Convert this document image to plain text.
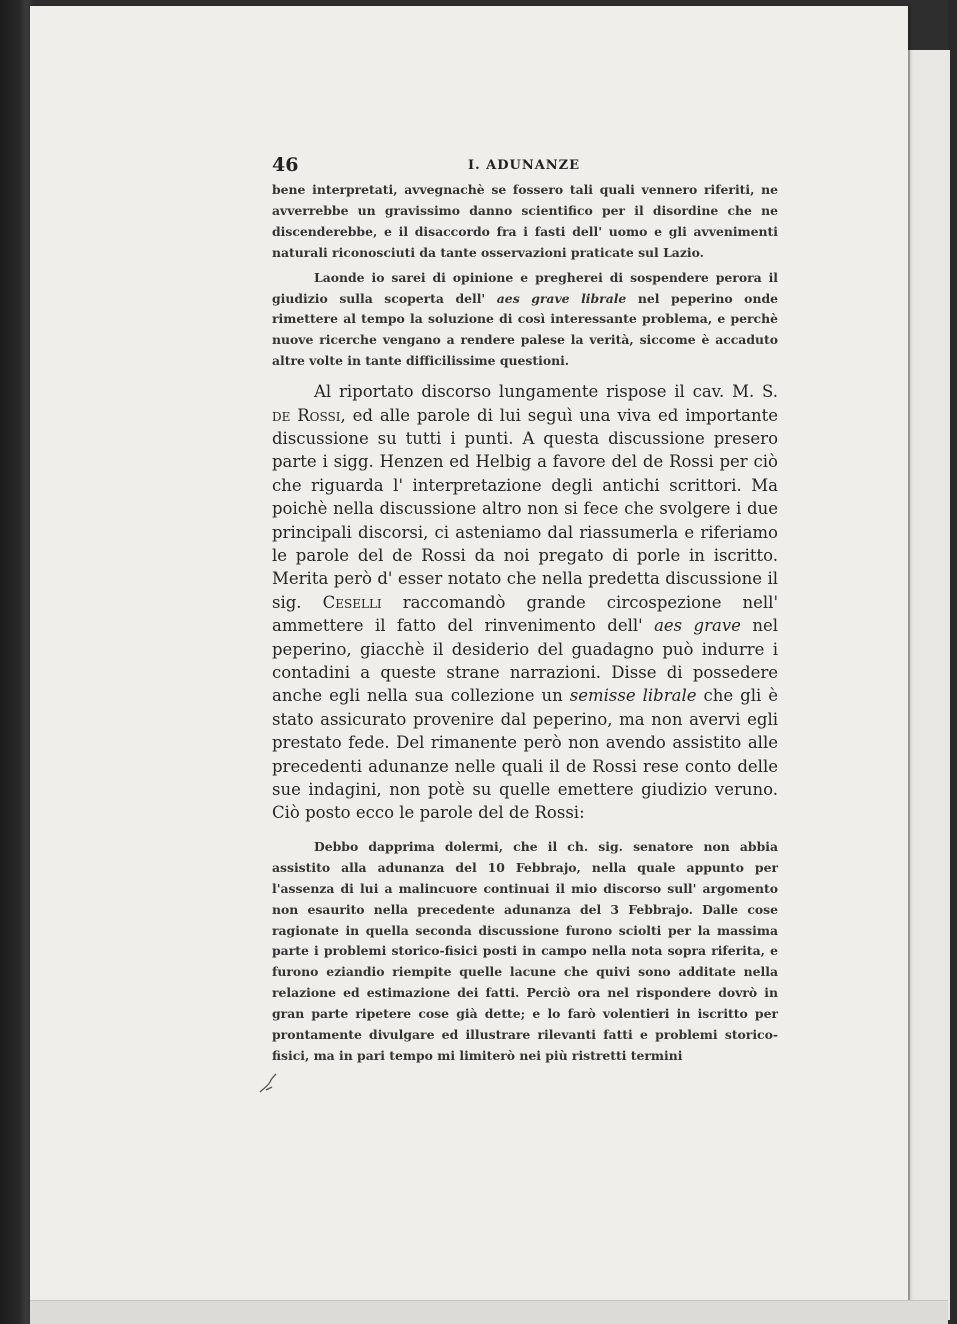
46	I. ADUNANZE

bene interpretati, avvegnachè se fossero tali quali vennero riferiti, ne avverrebbe un gravissimo danno scientifico per il disordine che ne discenderebbe, e il disaccordo fra i fasti dell' uomo e gli avvenimenti naturali riconosciuti da tante osservazioni praticate sul Lazio.

Laonde io sarei di opinione e pregherei di sospendere perora il giudizio sulla scoperta dell' aes grave librale nel peperino onde rimettere al tempo la soluzione di così interessante problema, e perchè nuove ricerche vengano a rendere palese la verità, siccome è accaduto altre volte in tante difficilissime questioni.

Al riportato discorso lungamente rispose il cav. M. S. de Rossi, ed alle parole di lui seguì una viva ed importante discussione su tutti i punti. A questa discussione presero parte i sigg. Henzen ed Helbig a favore del de Rossi per ciò che riguarda l' interpretazione degli antichi scrittori. Ma poichè nella discussione altro non si fece che svolgere i due principali discorsi, ci asteniamo dal riassumerla e riferiamo le parole del de Rossi da noi pregato di porle in iscritto. Merita però d' esser notato che nella predetta discussione il sig. Ceselli raccomandò grande circospezione nell' ammettere il fatto del rinvenimento dell' aes grave nel peperino, giacchè il desiderio del guadagno può indurre i contadini a queste strane narrazioni. Disse di possedere anche egli nella sua collezione un semisse librale che gli è stato assicurato provenire dal peperino, ma non avervi egli prestato fede. Del rimanente però non avendo assistito alle precedenti adunanze nelle quali il de Rossi rese conto delle sue indagini, non potè su quelle emettere giudizio veruno. Ciò posto ecco le parole del de Rossi:

Debbo dapprima dolermi, che il ch. sig. senatore non abbia assistito alla adunanza del 10 Febbrajo, nella quale appunto per l'assenza di lui a malincuore continuai il mio discorso sull' argomento non esaurito nella precedente adunanza del 3 Febbrajo. Dalle cose ragionate in quella seconda discussione furono sciolti per la massima parte i problemi storico-fisici posti in campo nella nota sopra riferita, e furono eziandio riempite quelle lacune che quivi sono additate nella relazione ed estimazione dei fatti. Perciò ora nel rispondere dovrò in gran parte ripetere cose già dette; e lo farò volentieri in iscritto per prontamente divulgare ed illustrare rilevanti fatti e problemi storico-fisici, ma in pari tempo mi limiterò nei più ristretti termini
